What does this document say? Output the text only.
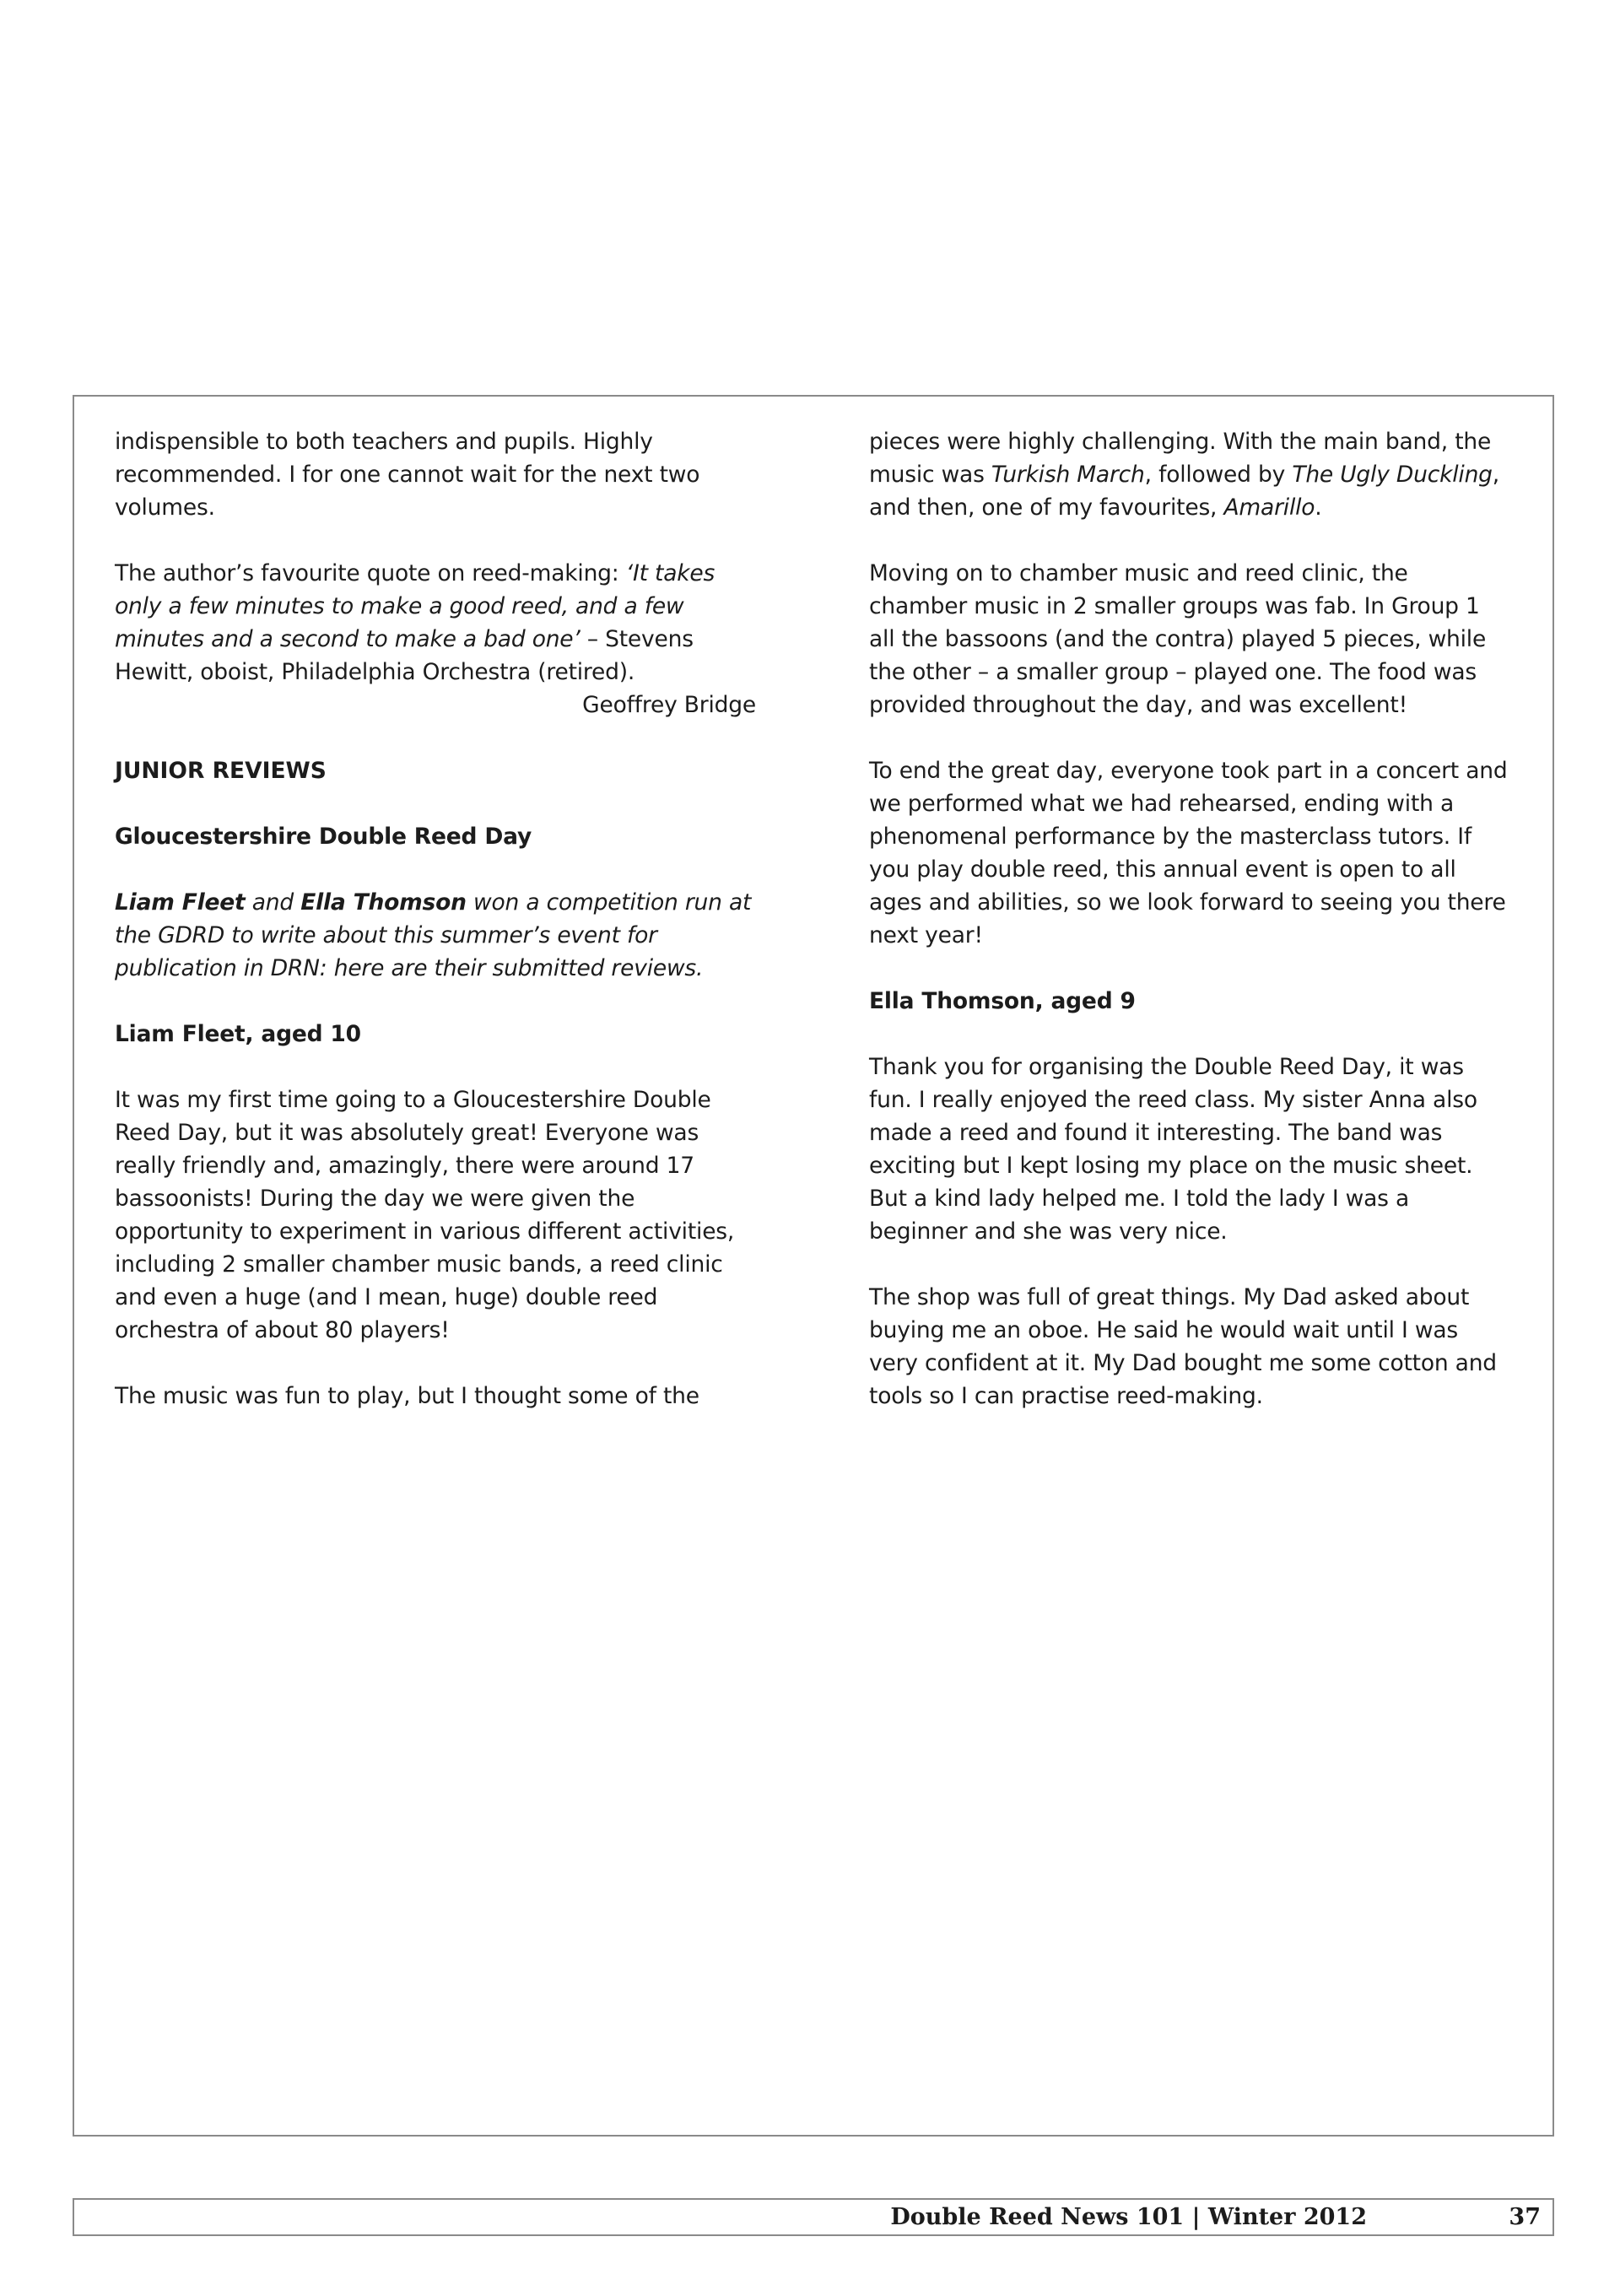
indispensible to both teachers and pupils. Highly recommended. I for one cannot wait for the next two volumes.

The author’s favourite quote on reed-making: ‘It takes only a few minutes to make a good reed, and a few minutes and a second to make a bad one’ – Stevens Hewitt, oboist, Philadelphia Orchestra (retired).

Geoffrey Bridge
JUNIOR REVIEWS
Gloucestershire Double Reed Day

Liam Fleet and Ella Thomson won a competition run at the GDRD to write about this summer’s event for publication in DRN: here are their submitted reviews.

Liam Fleet, aged 10

It was my first time going to a Gloucestershire Double Reed Day, but it was absolutely great! Everyone was really friendly and, amazingly, there were around 17 bassoonists! During the day we were given the opportunity to experiment in various different activities, including 2 smaller chamber music bands, a reed clinic and even a huge (and I mean, huge) double reed orchestra of about 80 players!

The music was fun to play, but I thought some of the

pieces were highly challenging. With the main band, the music was Turkish March, followed by The Ugly Duckling, and then, one of my favourites, Amarillo.

Moving on to chamber music and reed clinic, the chamber music in 2 smaller groups was fab. In Group 1 all the bassoons (and the contra) played 5 pieces, while the other – a smaller group – played one. The food was provided throughout the day, and was excellent!

To end the great day, everyone took part in a concert and we performed what we had rehearsed, ending with a phenomenal performance by the masterclass tutors. If you play double reed, this annual event is open to all ages and abilities, so we look forward to seeing you there next year!

Ella Thomson, aged 9

Thank you for organising the Double Reed Day, it was fun. I really enjoyed the reed class. My sister Anna also made a reed and found it interesting. The band was exciting but I kept losing my place on the music sheet. But a kind lady helped me. I told the lady I was a beginner and she was very nice.

The shop was full of great things. My Dad asked about buying me an oboe. He said he would wait until I was very confident at it. My Dad bought me some cotton and tools so I can practise reed-making.

Double Reed News 101 | Winter 2012	37
